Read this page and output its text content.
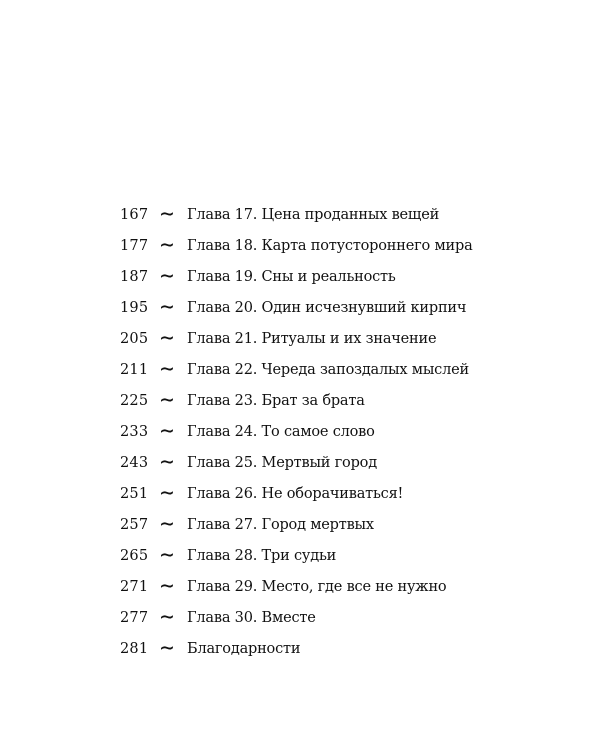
167 ∼ Глава 17. Цена проданных вещей
177 ∼ Глава 18. Карта потустороннего мира
187 ∼ Глава 19. Сны и реальность
195 ∼ Глава 20. Один исчезнувший кирпич
205 ∼ Глава 21. Ритуалы и их значение
211 ∼ Глава 22. Череда запоздалых мыслей
225 ∼ Глава 23. Брат за брата
233 ∼ Глава 24. То самое слово
243 ∼ Глава 25. Мертвый город
251 ∼ Глава 26. Не оборачиваться!
257 ∼ Глава 27. Город мертвых
265 ∼ Глава 28. Три судьи
271 ∼ Глава 29. Место, где все не нужно
277 ∼ Глава 30. Вместе
281 ∼ Благодарности
